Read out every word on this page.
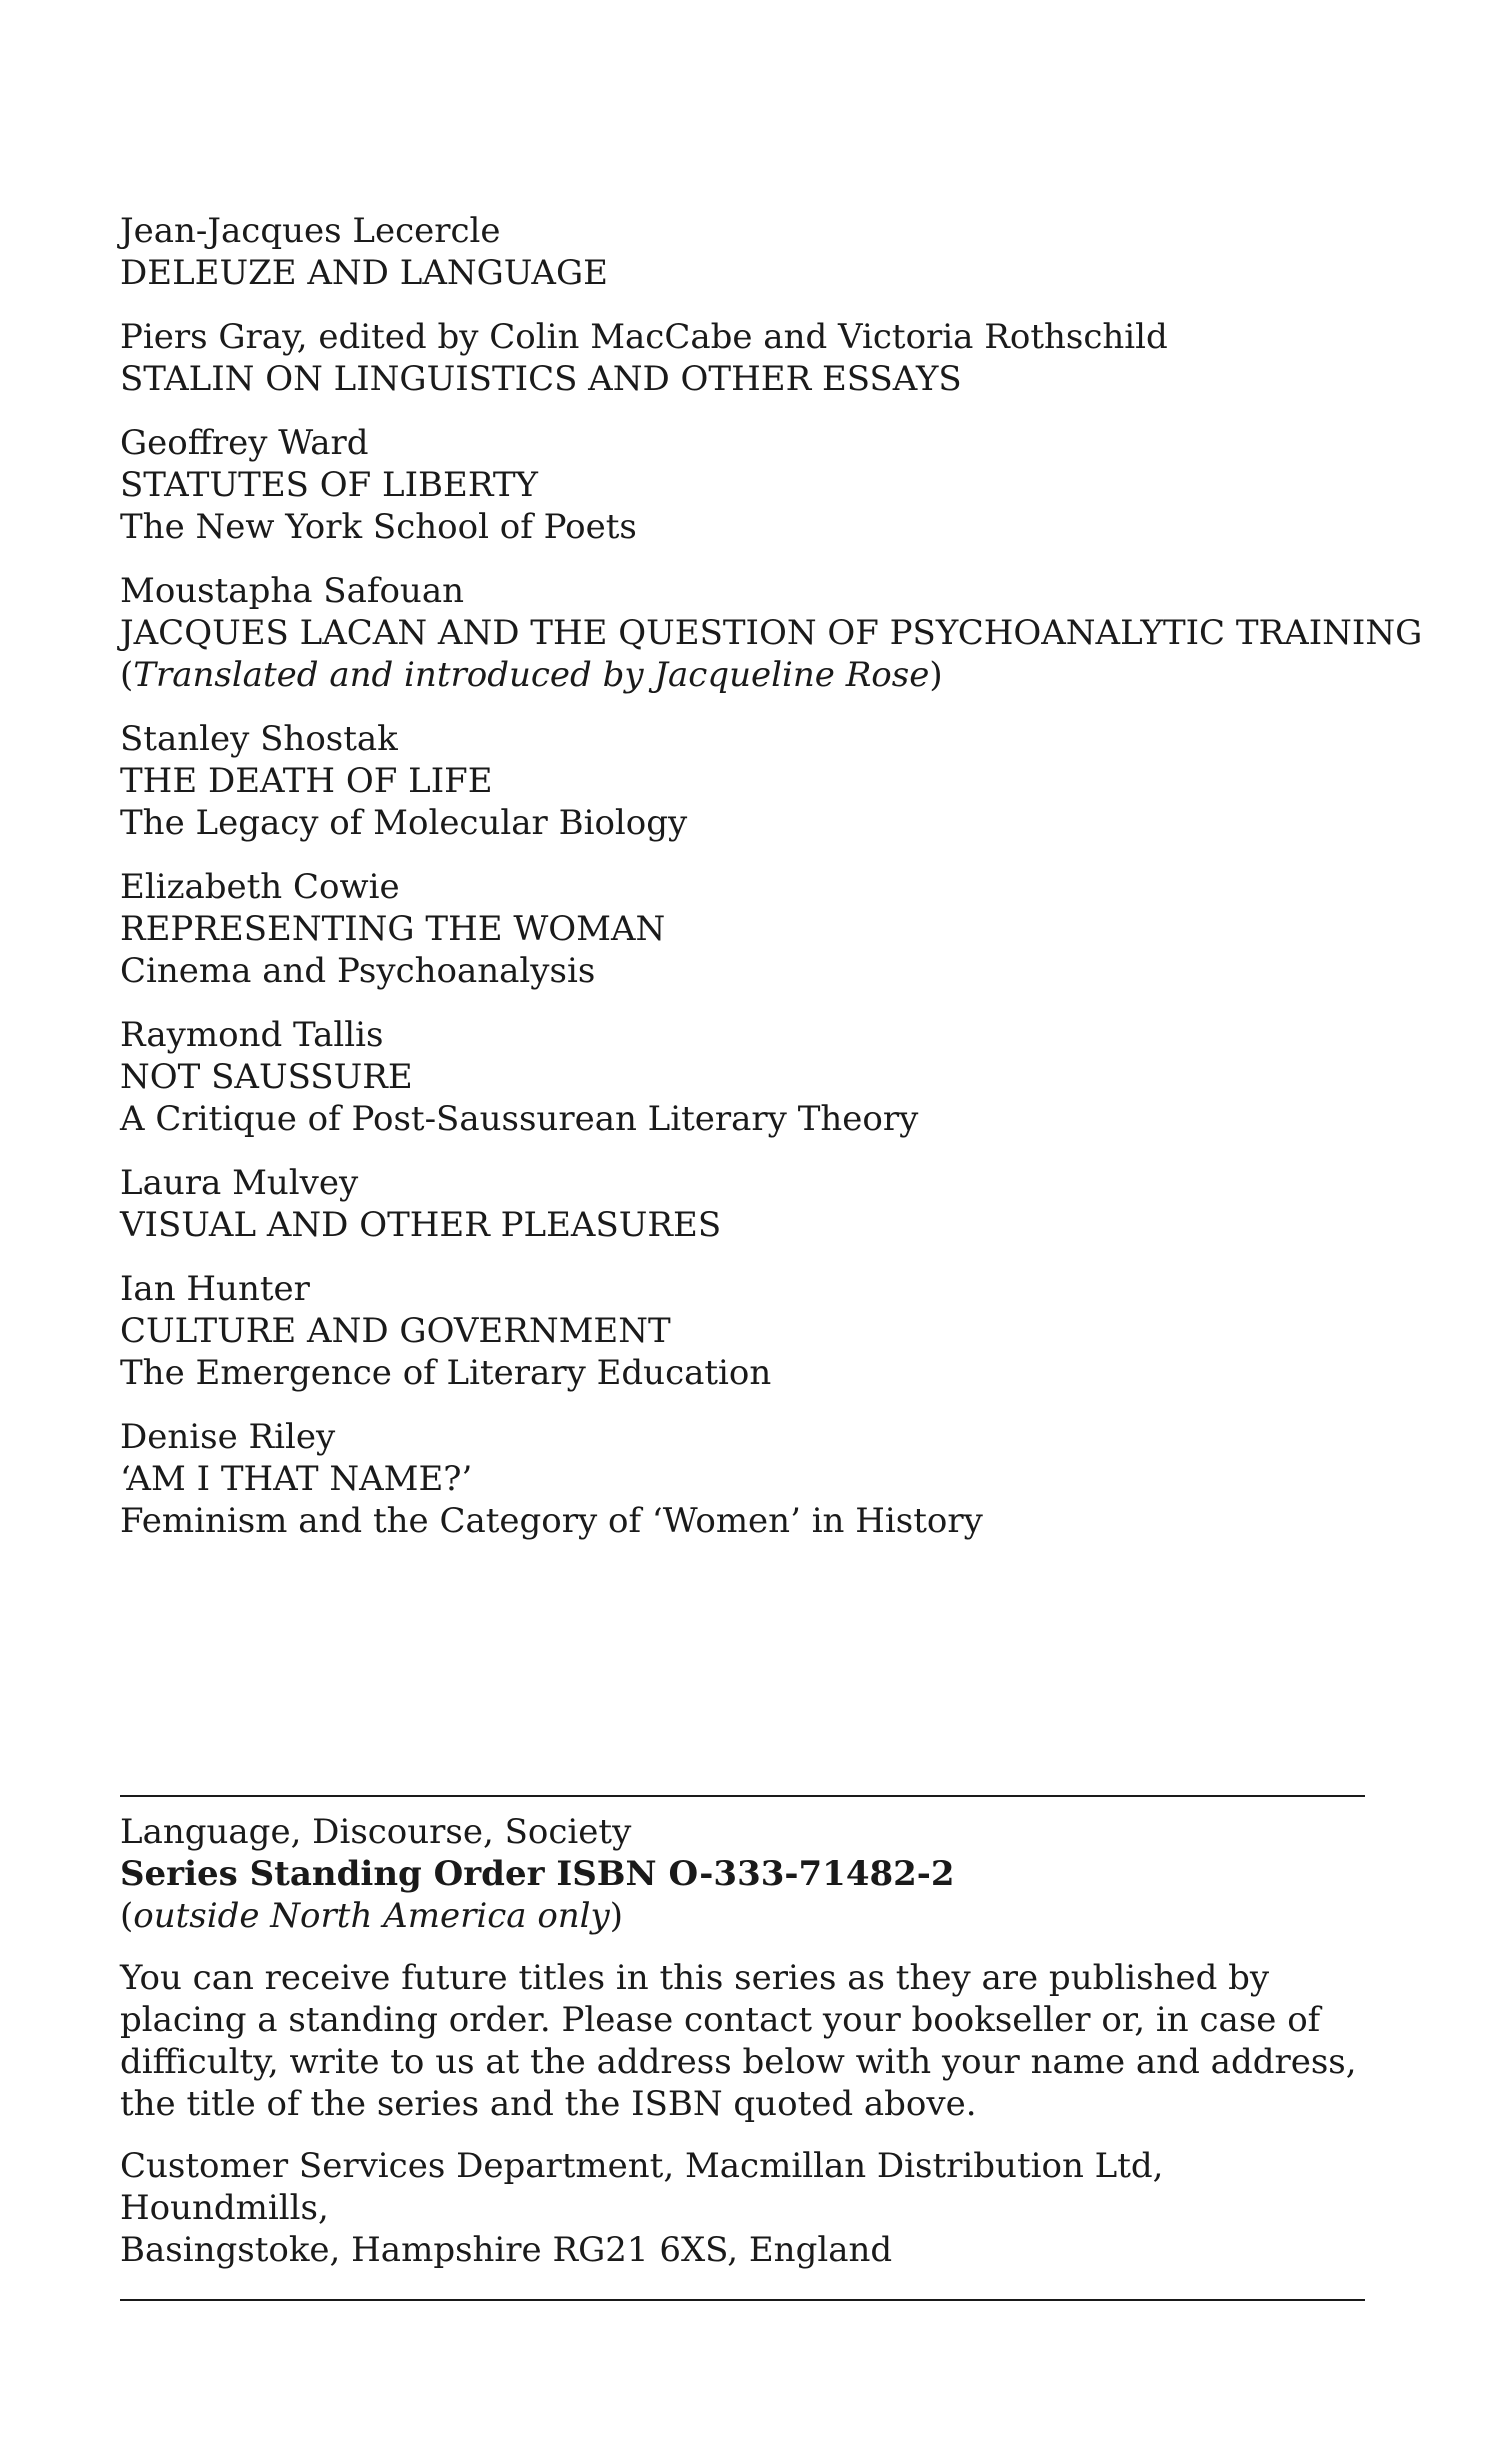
Jean-Jacques Lecercle
DELEUZE AND LANGUAGE
Piers Gray, edited by Colin MacCabe and Victoria Rothschild
STALIN ON LINGUISTICS AND OTHER ESSAYS
Geoffrey Ward
STATUTES OF LIBERTY
The New York School of Poets
Moustapha Safouan
JACQUES LACAN AND THE QUESTION OF PSYCHOANALYTIC TRAINING
(Translated and introduced by Jacqueline Rose)
Stanley Shostak
THE DEATH OF LIFE
The Legacy of Molecular Biology
Elizabeth Cowie
REPRESENTING THE WOMAN
Cinema and Psychoanalysis
Raymond Tallis
NOT SAUSSURE
A Critique of Post-Saussurean Literary Theory
Laura Mulvey
VISUAL AND OTHER PLEASURES
Ian Hunter
CULTURE AND GOVERNMENT
The Emergence of Literary Education
Denise Riley
‘AM I THAT NAME?’
Feminism and the Category of ‘Women’ in History

Language, Discourse, Society
Series Standing Order ISBN O-333-71482-2
(outside North America only)

You can receive future titles in this series as they are published by placing a standing order. Please contact your bookseller or, in case of difficulty, write to us at the address below with your name and address, the title of the series and the ISBN quoted above.

Customer Services Department, Macmillan Distribution Ltd, Houndmills,
Basingstoke, Hampshire RG21 6XS, England
